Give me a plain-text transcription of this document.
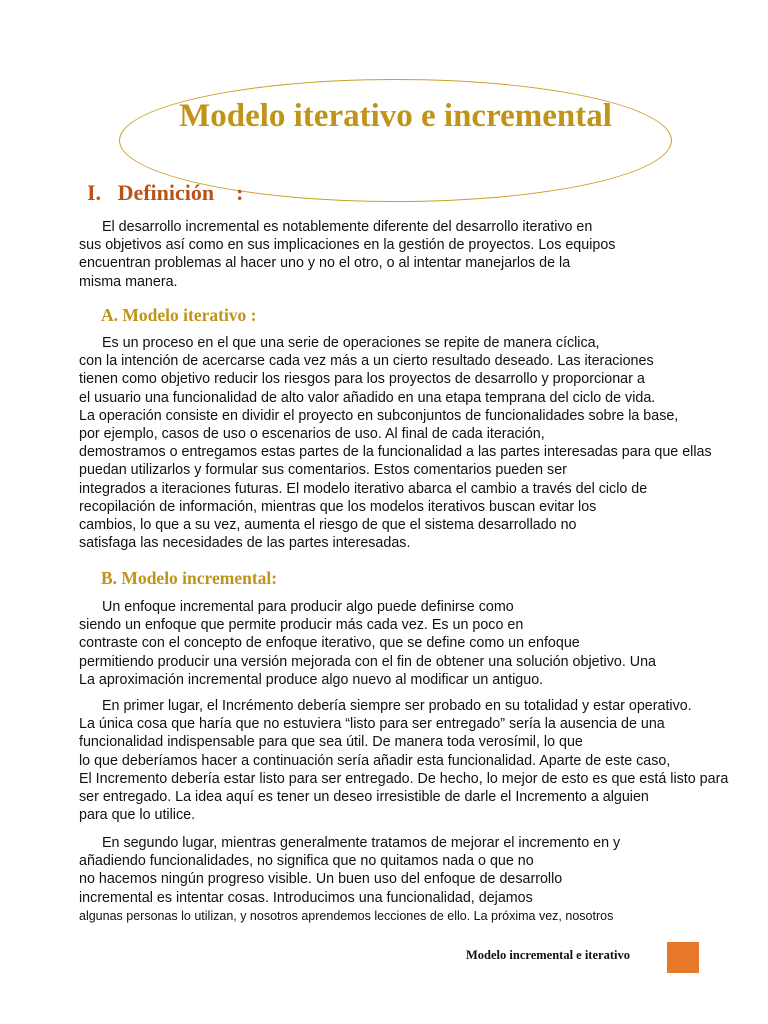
Modelo iterativo e incremental
I. Definición :
El desarrollo incremental es notablemente diferente del desarrollo iterativo en
sus objetivos así como en sus implicaciones en la gestión de proyectos. Los equipos
encuentran problemas al hacer uno y no el otro, o al intentar manejarlos de la
misma manera.
A. Modelo iterativo :
Es un proceso en el que una serie de operaciones se repite de manera cíclica,
con la intención de acercarse cada vez más a un cierto resultado deseado. Las iteraciones
tienen como objetivo reducir los riesgos para los proyectos de desarrollo y proporcionar a
el usuario una funcionalidad de alto valor añadido en una etapa temprana del ciclo de vida.
La operación consiste en dividir el proyecto en subconjuntos de funcionalidades sobre la base,
por ejemplo, casos de uso o escenarios de uso. Al final de cada iteración,
demostramos o entregamos estas partes de la funcionalidad a las partes interesadas para que ellas
puedan utilizarlos y formular sus comentarios. Estos comentarios pueden ser
integrados a iteraciones futuras. El modelo iterativo abarca el cambio a través del ciclo de
recopilación de información, mientras que los modelos iterativos buscan evitar los
cambios, lo que a su vez, aumenta el riesgo de que el sistema desarrollado no
satisfaga las necesidades de las partes interesadas.
B. Modelo incremental:
Un enfoque incremental para producir algo puede definirse como
siendo un enfoque que permite producir más cada vez. Es un poco en
contraste con el concepto de enfoque iterativo, que se define como un enfoque
permitiendo producir una versión mejorada con el fin de obtener una solución objetivo. Una
La aproximación incremental produce algo nuevo al modificar un antiguo.
En primer lugar, el Incrémento debería siempre ser probado en su totalidad y estar operativo.
La única cosa que haría que no estuviera “listo para ser entregado” sería la ausencia de una
funcionalidad indispensable para que sea útil. De manera toda verosímil, lo que
lo que deberíamos hacer a continuación sería añadir esta funcionalidad. Aparte de este caso,
El Incremento debería estar listo para ser entregado. De hecho, lo mejor de esto es que está listo para
ser entregado. La idea aquí es tener un deseo irresistible de darle el Incremento a alguien
para que lo utilice.
En segundo lugar, mientras generalmente tratamos de mejorar el incremento en y
añadiendo funcionalidades, no significa que no quitamos nada o que no
no hacemos ningún progreso visible. Un buen uso del enfoque de desarrollo
incremental es intentar cosas. Introducimos una funcionalidad, dejamos
algunas personas lo utilizan, y nosotros aprendemos lecciones de ello. La próxima vez, nosotros
Modelo incremental e iterativo
